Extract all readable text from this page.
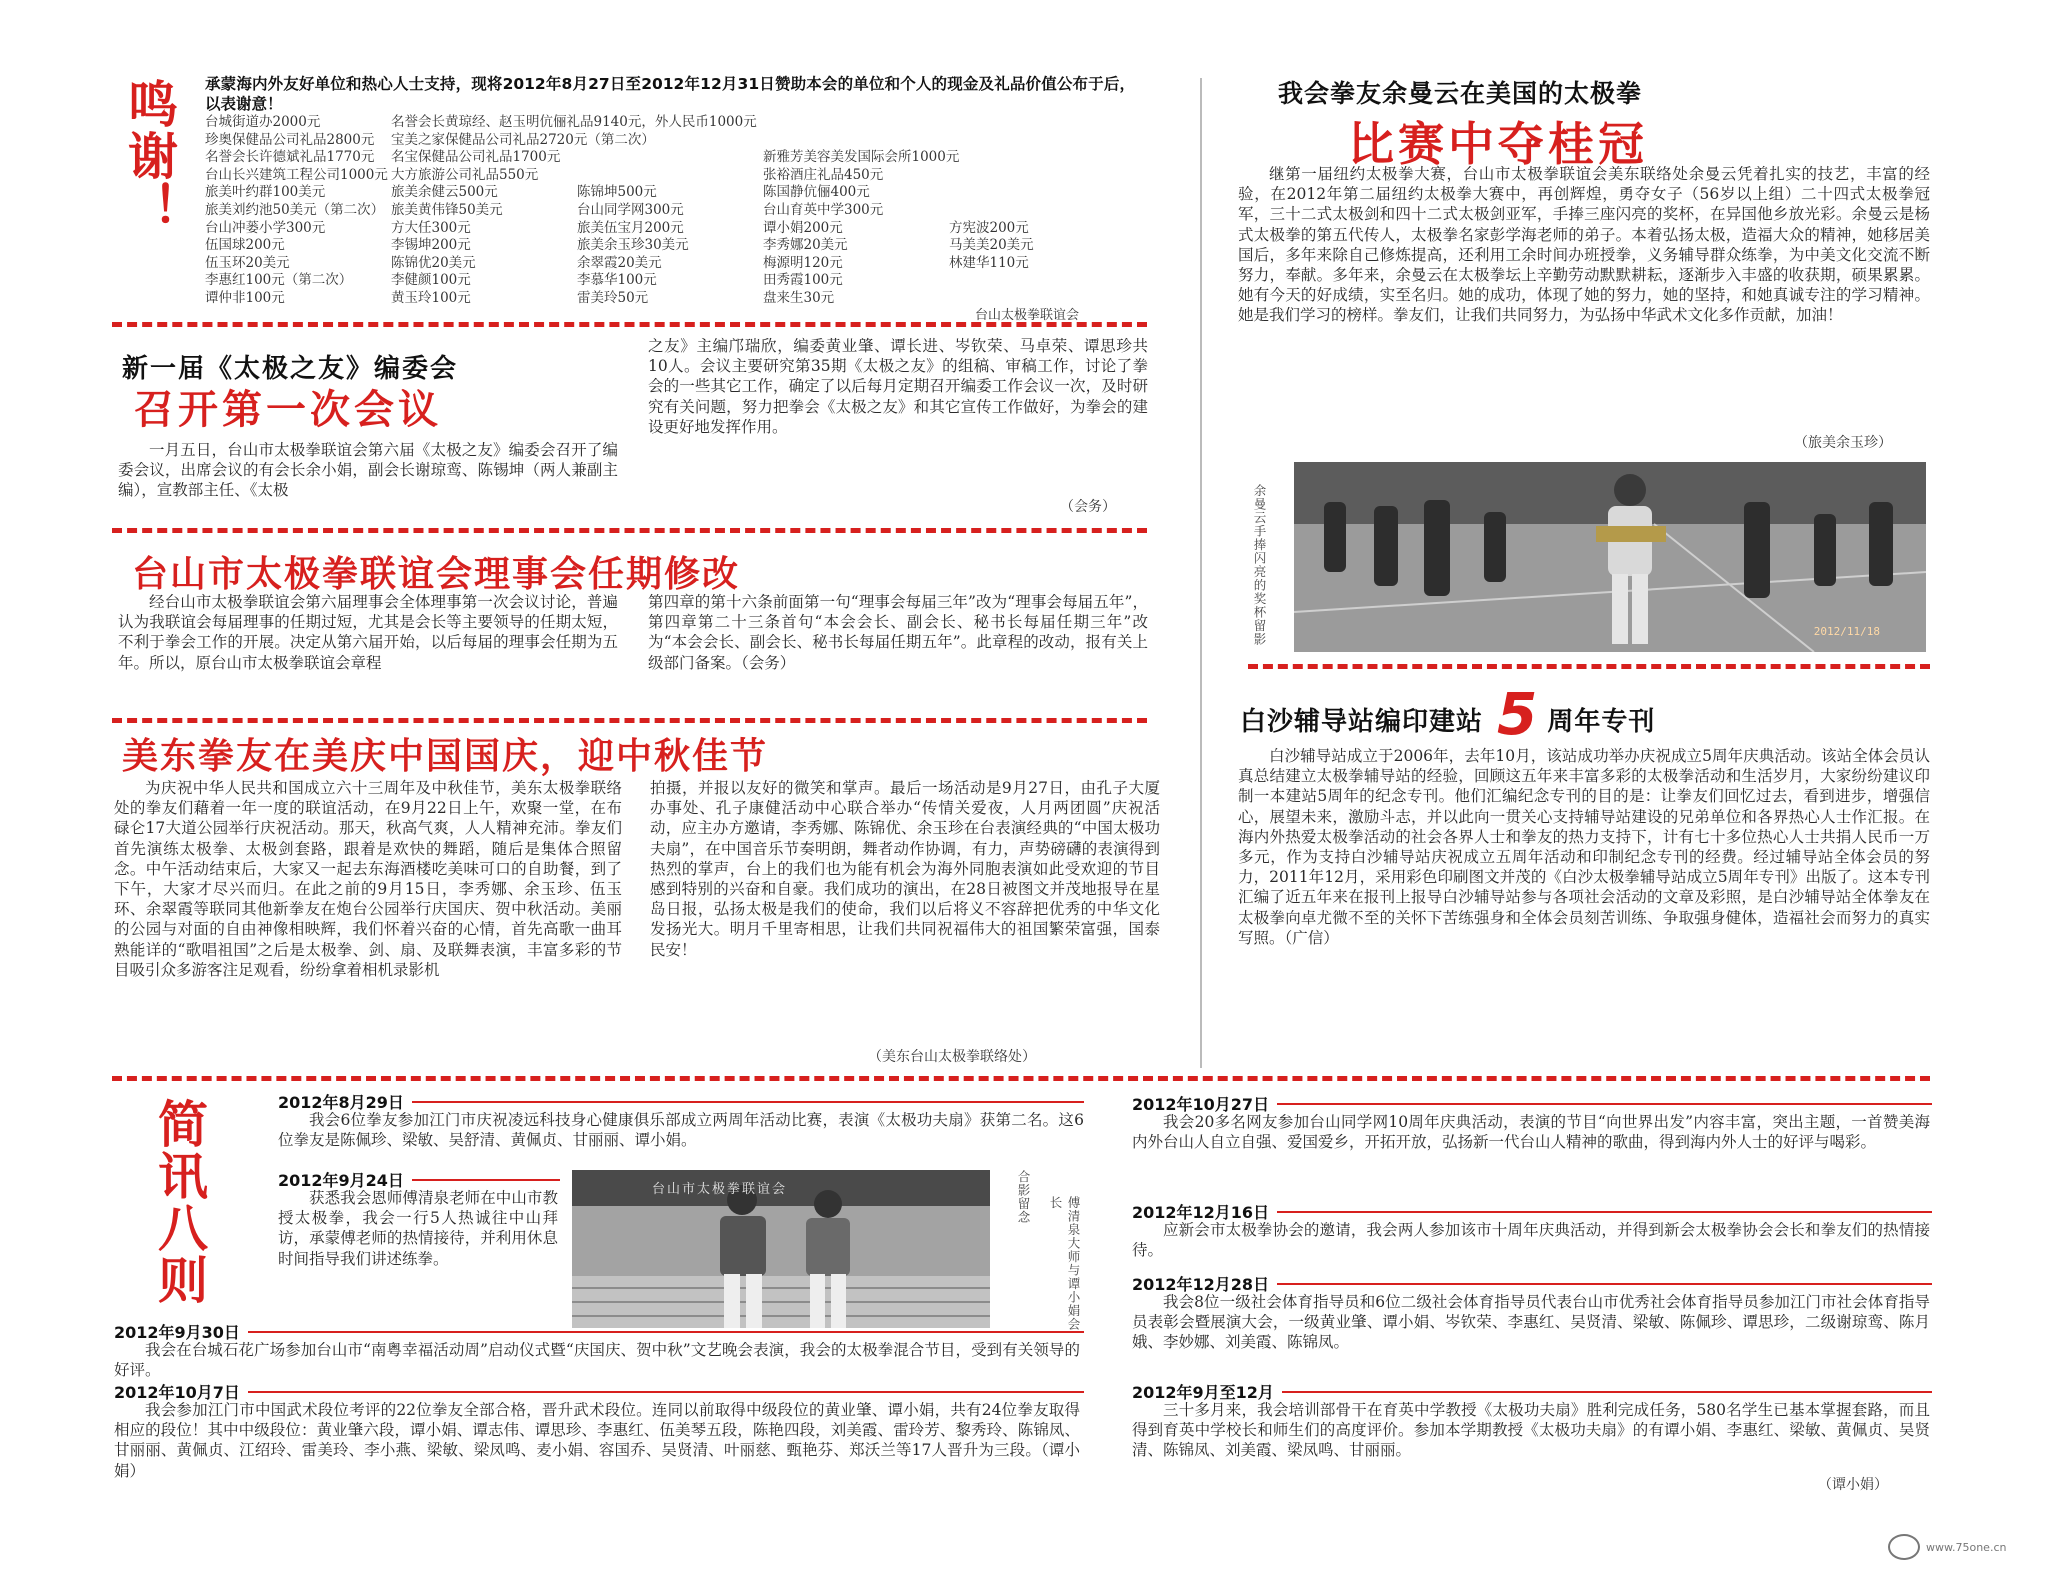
鸣谢！ 承蒙海内外友好单位和热心人士支持，现将2012年8月27日至2012年12月31日赞助本会的单位和个人的现金及礼品价值公布于后，以表谢意！
台城街道办2000元	名誉会长黄琼经、赵玉明伉俪礼品9140元，外人民币1000元
珍奥保健品公司礼品2800元	宝美之家保健品公司礼品2720元（第二次）
名誉会长许德斌礼品1770元	名宝保健品公司礼品1700元	新雅芳美容美发国际会所1000元
台山长兴建筑工程公司1000元 大方旅游公司礼品550元	张裕酒庄礼品450元
旅美叶约群100美元	旅美余健云500元	陈锦坤500元	陈国静伉俪400元
旅美刘约池50美元（第二次） 旅美黄伟锋50美元	台山同学网300元	台山育英中学300元
台山冲蒌小学300元	方大任300元	旅美伍宝月200元	谭小娟200元	方宪波200元
伍国球200元	李锡坤200元	旅美余玉珍30美元	李秀娜20美元	马美美20美元
伍玉环20美元	陈锦优20美元	余翠霞20美元	梅源明120元	林建华110元
李惠红100元（第二次）	李健颜100元	李慕华100元	田秀霞100元
谭仲非100元	黄玉玲100元	雷美玲50元	盘来生30元
台山太极拳联谊会
新一届《太极之友》编委会
召开第一次会议
一月五日，台山市太极拳联谊会第六届《太极之友》编委会召开了编委会议，出席会议的有会长余小娟，副会长谢琼鸾、陈锡坤（两人兼副主编），宣教部主任、《太极
之友》主编邝瑞欣，编委黄业肇、谭长进、岑钦荣、马卓荣、谭思珍共10人。会议主要研究第35期《太极之友》的组稿、审稿工作，讨论了拳会的一些其它工作，确定了以后每月定期召开编委工作会议一次，及时研究有关问题，努力把拳会《太极之友》和其它宣传工作做好，为拳会的建设更好地发挥作用。
（会务）
台山市太极拳联谊会理事会任期修改
经台山市太极拳联谊会第六届理事会全体理事第一次会议讨论，普遍认为我联谊会每届理事的任期过短，尤其是会长等主要领导的任期太短，不利于拳会工作的开展。决定从第六届开始，以后每届的理事会任期为五年。所以，原台山市太极拳联谊会章程
第四章的第十六条前面第一句“理事会每届三年”改为“理事会每届五年”，第四章第二十三条首句“本会会长、副会长、秘书长每届任期三年”改为“本会会长、副会长、秘书长每届任期五年”。此章程的改动，报有关上级部门备案。（会务）
美东拳友在美庆中国国庆，迎中秋佳节
为庆祝中华人民共和国成立六十三周年及中秋佳节，美东太极拳联络处的拳友们藉着一年一度的联谊活动，在9月22日上午，欢聚一堂，在布碌仑17大道公园举行庆祝活动。那天，秋高气爽，人人精神充沛。拳友们首先演练太极拳、太极剑套路，跟着是欢快的舞蹈，随后是集体合照留念。中午活动结束后，大家又一起去东海酒楼吃美味可口的自助餐，到了下午，大家才尽兴而归。在此之前的9月15日，李秀娜、余玉珍、伍玉环、余翠霞等联同其他新拳友在炮台公园举行庆国庆、贺中秋活动。美丽的公园与对面的自由神像相映辉，我们怀着兴奋的心情，首先高歌一曲耳熟能详的“歌唱祖国”之后是太极拳、剑、扇、及联舞表演，丰富多彩的节目吸引众多游客注足观看，纷纷拿着相机录影机
拍摄，并报以友好的微笑和掌声。最后一场活动是9月27日，由孔子大厦办事处、孔子康健活动中心联合举办“传情关爱夜，人月两团圆”庆祝活动，应主办方邀请，李秀娜、陈锦优、余玉珍在台表演经典的“中国太极功夫扇”，在中国音乐节奏明朗，舞者动作协调，有力，声势磅礴的表演得到热烈的掌声，台上的我们也为能有机会为海外同胞表演如此受欢迎的节目感到特别的兴奋和自豪。我们成功的演出，在28日被图文并茂地报导在星岛日报，弘扬太极是我们的使命，我们以后将义不容辞把优秀的中华文化发扬光大。明月千里寄相思，让我们共同祝福伟大的祖国繁荣富强，国泰民安！
（美东台山太极拳联络处）
我会拳友余曼云在美国的太极拳
比赛中夺桂冠
继第一届纽约太极拳大赛，台山市太极拳联谊会美东联络处余曼云凭着扎实的技艺，丰富的经验，在2012年第二届纽约太极拳大赛中，再创辉煌，勇夺女子（56岁以上组）二十四式太极拳冠军，三十二式太极剑和四十二式太极剑亚军，手捧三座闪亮的奖杯，在异国他乡放光彩。余曼云是杨式太极拳的第五代传人，太极拳名家彭学海老师的弟子。本着弘扬太极，造福大众的精神，她移居美国后，多年来除自己修炼提高，还利用工余时间办班授拳，义务辅导群众练拳，为中美文化交流不断努力，奉献。多年来，余曼云在太极拳坛上辛勤劳动默默耕耘，逐渐步入丰盛的收获期，硕果累累。她有今天的好成绩，实至名归。她的成功，体现了她的努力，她的坚持，和她真诚专注的学习精神。她是我们学习的榜样。拳友们，让我们共同努力，为弘扬中华武术文化多作贡献，加油！
（旅美余玉珍）
余曼云手捧闪亮的奖杯留影	2012/11/18
白沙辅导站编印建站 5 周年专刊
白沙辅导站成立于2006年，去年10月，该站成功举办庆祝成立5周年庆典活动。该站全体会员认真总结建立太极拳辅导站的经验，回顾这五年来丰富多彩的太极拳活动和生活岁月，大家纷纷建议印制一本建站5周年的纪念专刊。他们汇编纪念专刊的目的是：让拳友们回忆过去，看到进步，增强信心，展望未来，激励斗志，并以此向一贯关心支持辅导站建设的兄弟单位和各界热心人士作汇报。在海内外热爱太极拳活动的社会各界人士和拳友的热力支持下，计有七十多位热心人士共捐人民币一万多元，作为支持白沙辅导站庆祝成立五周年活动和印制纪念专刊的经费。经过辅导站全体会员的努力，2011年12月，采用彩色印刷图文并茂的《白沙太极拳辅导站成立5周年专刊》出版了。这本专刊汇编了近五年来在报刊上报导白沙辅导站参与各项社会活动的文章及彩照，是白沙辅导站全体拳友在太极拳向卓尤微不至的关怀下苦练强身和全体会员刻苦训练、争取强身健体，造福社会而努力的真实写照。（广信）
简讯八则	2012年8月29日
我会6位拳友参加江门市庆祝凌远科技身心健康俱乐部成立两周年活动比赛，表演《太极功夫扇》获第二名。这6位拳友是陈佩珍、梁敏、吴舒清、黄佩贞、甘丽丽、谭小娟。
2012年9月24日
获悉我会恩师傅清泉老师在中山市教授太极拳，我会一行5人热诚往中山拜访，承蒙傅老师的热情接待，并利用休息时间指导我们讲述练拳。
台山市太极拳联谊会	合影留念	傅清泉大师与谭小娟会长
2012年9月30日
我会在台城石花广场参加台山市“南粤幸福活动周”启动仪式暨“庆国庆、贺中秋”文艺晚会表演，我会的太极拳混合节目，受到有关领导的好评。
2012年10月7日
我会参加江门市中国武术段位考评的22位拳友全部合格，晋升武术段位。连同以前取得中级段位的黄业肇、谭小娟，共有24位拳友取得相应的段位！其中中级段位：黄业肇六段，谭小娟、谭志伟、谭思珍、李惠红、伍美琴五段，陈艳四段，刘美霞、雷玲芳、黎秀玲、陈锦凤、甘丽丽、黄佩贞、江绍玲、雷美玲、李小燕、梁敏、梁凤鸣、麦小娟、容国乔、吴贤清、叶丽慈、甄艳芬、郑沃兰等17人晋升为三段。（谭小娟）
2012年10月27日
我会20多名网友参加台山同学网10周年庆典活动，表演的节目“向世界出发”内容丰富，突出主题，一首赞美海内外台山人自立自强、爱国爱乡，开拓开放，弘扬新一代台山人精神的歌曲，得到海内外人士的好评与喝彩。
2012年12月16日
应新会市太极拳协会的邀请，我会两人参加该市十周年庆典活动，并得到新会太极拳协会会长和拳友们的热情接待。
2012年12月28日
我会8位一级社会体育指导员和6位二级社会体育指导员代表台山市优秀社会体育指导员参加江门市社会体育指导员表彰会暨展演大会，一级黄业肇、谭小娟、岑钦荣、李惠红、吴贤清、梁敏、陈佩珍、谭思珍，二级谢琼鸾、陈月娥、李妙娜、刘美霞、陈锦凤。
2012年9月至12月
三十多月来，我会培训部骨干在育英中学教授《太极功夫扇》胜利完成任务，580名学生已基本掌握套路，而且得到育英中学校长和师生们的高度评价。参加本学期教授《太极功夫扇》的有谭小娟、李惠红、梁敏、黄佩贞、吴贤清、陈锦凤、刘美霞、梁凤鸣、甘丽丽。
（谭小娟）
www.75one.cn
